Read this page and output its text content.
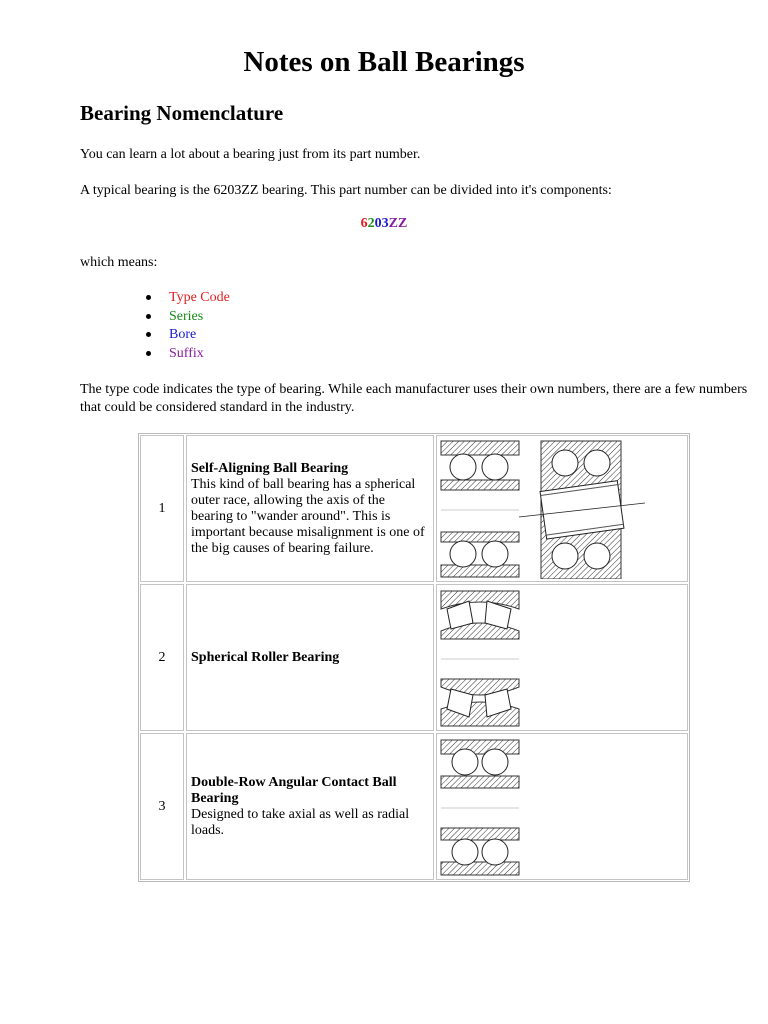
Notes on Ball Bearings
Bearing Nomenclature

You can learn a lot about a bearing just from its part number.

A typical bearing is the 6203ZZ bearing. This part number can be divided into it's components:

6203ZZ

which means:

Type Code
Series
Bore
Suffix

The type code indicates the type of bearing. While each manufacturer uses their own numbers, there are a few numbers that could be considered standard in the industry.

1
Self-Aligning Ball Bearing
This kind of ball bearing has a spherical outer race, allowing the axis of the bearing to "wander around". This is important because misalignment is one of the big causes of bearing failure.
2	Spherical Roller Bearing
3
Double-Row Angular Contact Ball Bearing
Designed to take axial as well as radial loads.
